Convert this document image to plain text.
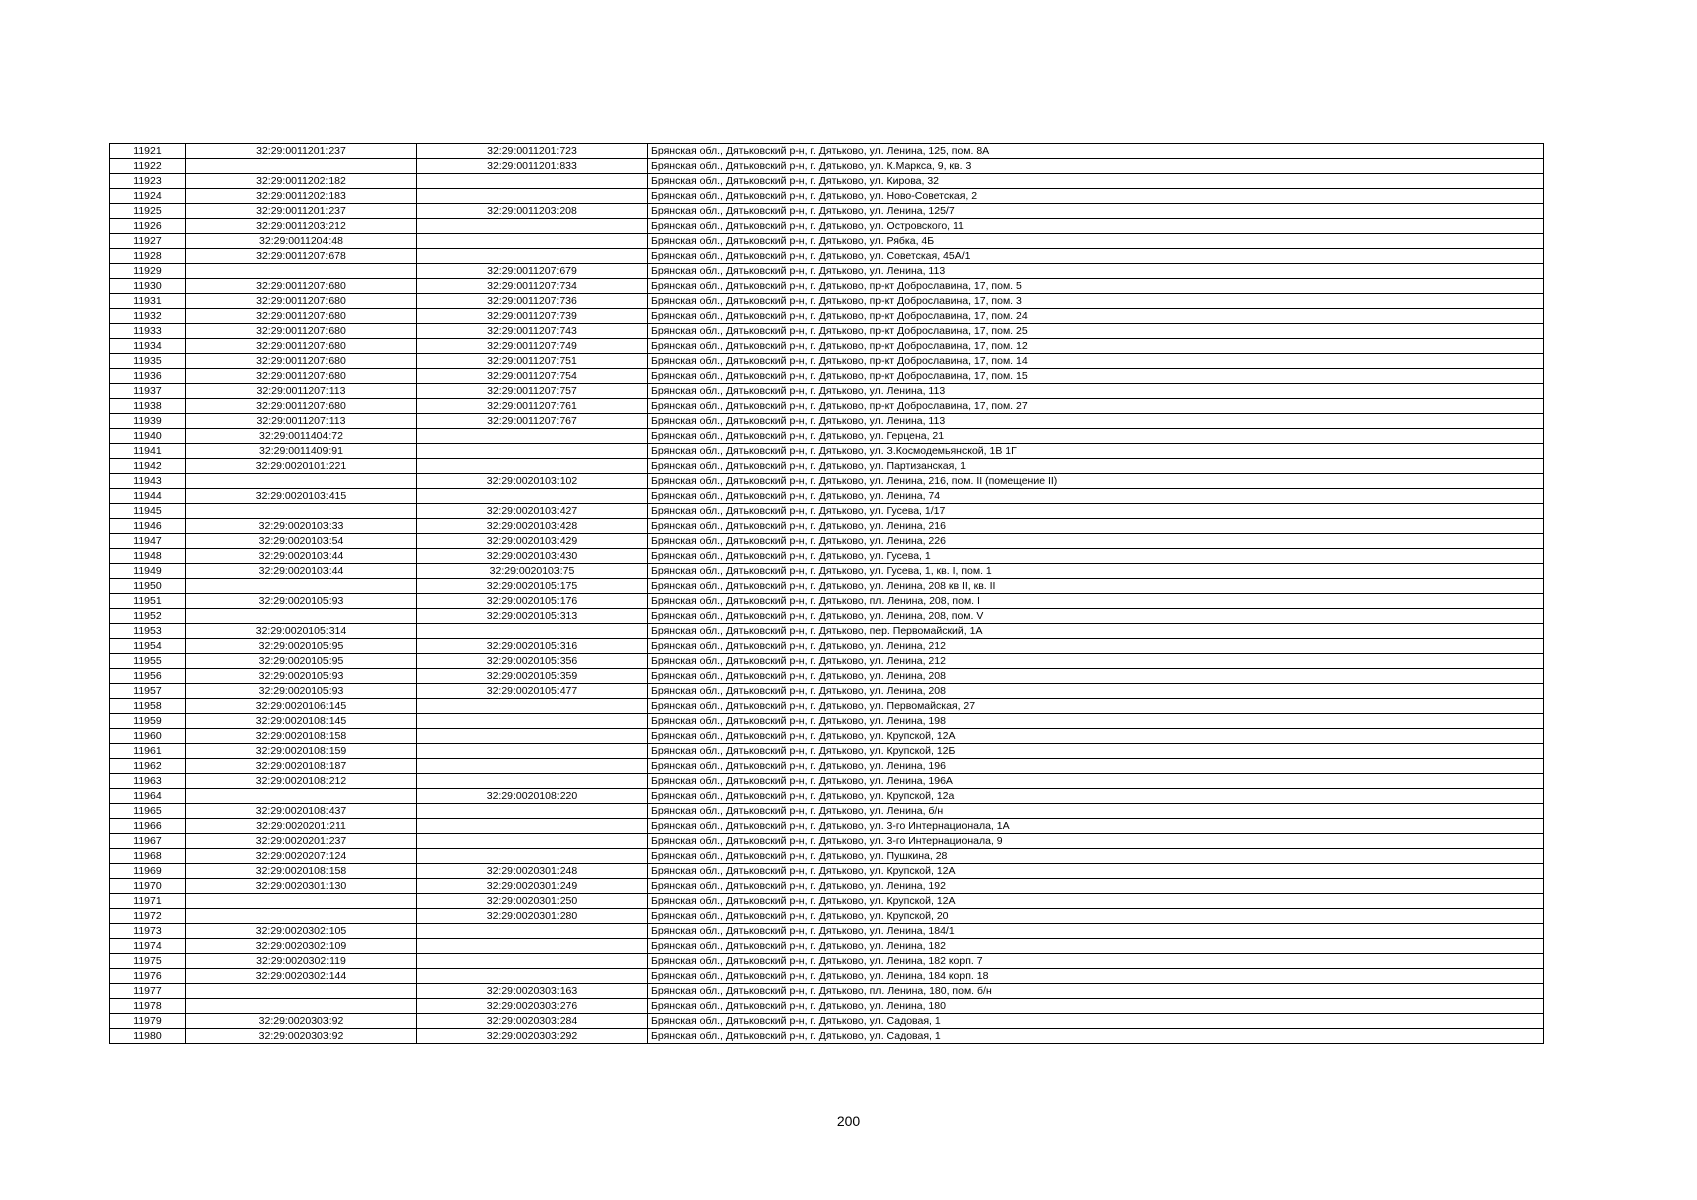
11921	32:29:0011201:237	32:29:0011201:723	Брянская обл., Дятьковский р-н, г. Дятьково, ул. Ленина, 125, пом. 8А
11922		32:29:0011201:833	Брянская обл., Дятьковский р-н, г. Дятьково, ул. К.Маркса, 9, кв. 3
11923	32:29:0011202:182		Брянская обл., Дятьковский р-н, г. Дятьково, ул. Кирова, 32
11924	32:29:0011202:183		Брянская обл., Дятьковский р-н, г. Дятьково, ул. Ново-Советская, 2
11925	32:29:0011201:237	32:29:0011203:208	Брянская обл., Дятьковский р-н, г. Дятьково, ул. Ленина, 125/7
11926	32:29:0011203:212		Брянская обл., Дятьковский р-н, г. Дятьково, ул. Островского, 11
11927	32:29:0011204:48		Брянская обл., Дятьковский р-н, г. Дятьково, ул. Рябка, 4Б
11928	32:29:0011207:678		Брянская обл., Дятьковский р-н, г. Дятьково, ул. Советская, 45А/1
11929		32:29:0011207:679	Брянская обл., Дятьковский р-н, г. Дятьково, ул. Ленина, 113
11930	32:29:0011207:680	32:29:0011207:734	Брянская обл., Дятьковский р-н, г. Дятьково, пр-кт Доброславина, 17, пом. 5
11931	32:29:0011207:680	32:29:0011207:736	Брянская обл., Дятьковский р-н, г. Дятьково, пр-кт Доброславина, 17, пом. 3
11932	32:29:0011207:680	32:29:0011207:739	Брянская обл., Дятьковский р-н, г. Дятьково, пр-кт Доброславина, 17, пом. 24
11933	32:29:0011207:680	32:29:0011207:743	Брянская обл., Дятьковский р-н, г. Дятьково, пр-кт Доброславина, 17, пом. 25
11934	32:29:0011207:680	32:29:0011207:749	Брянская обл., Дятьковский р-н, г. Дятьково, пр-кт Доброславина, 17, пом. 12
11935	32:29:0011207:680	32:29:0011207:751	Брянская обл., Дятьковский р-н, г. Дятьково, пр-кт Доброславина, 17, пом. 14
11936	32:29:0011207:680	32:29:0011207:754	Брянская обл., Дятьковский р-н, г. Дятьково, пр-кт Доброславина, 17, пом. 15
11937	32:29:0011207:113	32:29:0011207:757	Брянская обл., Дятьковский р-н, г. Дятьково, ул. Ленина, 113
11938	32:29:0011207:680	32:29:0011207:761	Брянская обл., Дятьковский р-н, г. Дятьково, пр-кт Доброславина, 17, пом. 27
11939	32:29:0011207:113	32:29:0011207:767	Брянская обл., Дятьковский р-н, г. Дятьково, ул. Ленина, 113
11940	32:29:0011404:72		Брянская обл., Дятьковский р-н, г. Дятьково, ул. Герцена, 21
11941	32:29:0011409:91		Брянская обл., Дятьковский р-н, г. Дятьково, ул. З.Космодемьянской, 1В 1Г
11942	32:29:0020101:221		Брянская обл., Дятьковский р-н, г. Дятьково, ул. Партизанская, 1
11943		32:29:0020103:102	Брянская обл., Дятьковский р-н, г. Дятьково, ул. Ленина, 216, пом. II (помещение II)
11944	32:29:0020103:415		Брянская обл., Дятьковский р-н, г. Дятьково, ул. Ленина, 74
11945		32:29:0020103:427	Брянская обл., Дятьковский р-н, г. Дятьково, ул. Гусева, 1/17
11946	32:29:0020103:33	32:29:0020103:428	Брянская обл., Дятьковский р-н, г. Дятьково, ул. Ленина, 216
11947	32:29:0020103:54	32:29:0020103:429	Брянская обл., Дятьковский р-н, г. Дятьково, ул. Ленина, 226
11948	32:29:0020103:44	32:29:0020103:430	Брянская обл., Дятьковский р-н, г. Дятьково, ул. Гусева, 1
11949	32:29:0020103:44	32:29:0020103:75	Брянская обл., Дятьковский р-н, г. Дятьково, ул. Гусева, 1, кв. I, пом. 1
11950		32:29:0020105:175	Брянская обл., Дятьковский р-н, г. Дятьково, ул. Ленина, 208 кв II, кв. II
11951	32:29:0020105:93	32:29:0020105:176	Брянская обл., Дятьковский р-н, г. Дятьково, пл. Ленина, 208, пом. I
11952		32:29:0020105:313	Брянская обл., Дятьковский р-н, г. Дятьково, ул. Ленина, 208, пом. V
11953	32:29:0020105:314		Брянская обл., Дятьковский р-н, г. Дятьково, пер. Первомайский, 1А
11954	32:29:0020105:95	32:29:0020105:316	Брянская обл., Дятьковский р-н, г. Дятьково, ул. Ленина, 212
11955	32:29:0020105:95	32:29:0020105:356	Брянская обл., Дятьковский р-н, г. Дятьково, ул. Ленина, 212
11956	32:29:0020105:93	32:29:0020105:359	Брянская обл., Дятьковский р-н, г. Дятьково, ул. Ленина, 208
11957	32:29:0020105:93	32:29:0020105:477	Брянская обл., Дятьковский р-н, г. Дятьково, ул. Ленина, 208
11958	32:29:0020106:145		Брянская обл., Дятьковский р-н, г. Дятьково, ул. Первомайская, 27
11959	32:29:0020108:145		Брянская обл., Дятьковский р-н, г. Дятьково, ул. Ленина, 198
11960	32:29:0020108:158		Брянская обл., Дятьковский р-н, г. Дятьково, ул. Крупской, 12А
11961	32:29:0020108:159		Брянская обл., Дятьковский р-н, г. Дятьково, ул. Крупской, 12Б
11962	32:29:0020108:187		Брянская обл., Дятьковский р-н, г. Дятьково, ул. Ленина, 196
11963	32:29:0020108:212		Брянская обл., Дятьковский р-н, г. Дятьково, ул. Ленина, 196А
11964		32:29:0020108:220	Брянская обл., Дятьковский р-н, г. Дятьково, ул. Крупской, 12а
11965	32:29:0020108:437		Брянская обл., Дятьковский р-н, г. Дятьково, ул. Ленина, б/н
11966	32:29:0020201:211		Брянская обл., Дятьковский р-н, г. Дятьково, ул. 3-го Интернационала, 1А
11967	32:29:0020201:237		Брянская обл., Дятьковский р-н, г. Дятьково, ул. 3-го Интернационала, 9
11968	32:29:0020207:124		Брянская обл., Дятьковский р-н, г. Дятьково, ул. Пушкина, 28
11969	32:29:0020108:158	32:29:0020301:248	Брянская обл., Дятьковский р-н, г. Дятьково, ул. Крупской, 12А
11970	32:29:0020301:130	32:29:0020301:249	Брянская обл., Дятьковский р-н, г. Дятьково, ул. Ленина, 192
11971		32:29:0020301:250	Брянская обл., Дятьковский р-н, г. Дятьково, ул. Крупской, 12А
11972		32:29:0020301:280	Брянская обл., Дятьковский р-н, г. Дятьково, ул. Крупской, 20
11973	32:29:0020302:105		Брянская обл., Дятьковский р-н, г. Дятьково, ул. Ленина, 184/1
11974	32:29:0020302:109		Брянская обл., Дятьковский р-н, г. Дятьково, ул. Ленина, 182
11975	32:29:0020302:119		Брянская обл., Дятьковский р-н, г. Дятьково, ул. Ленина, 182 корп. 7
11976	32:29:0020302:144		Брянская обл., Дятьковский р-н, г. Дятьково, ул. Ленина, 184 корп. 18
11977		32:29:0020303:163	Брянская обл., Дятьковский р-н, г. Дятьково, пл. Ленина, 180, пом. б/н
11978		32:29:0020303:276	Брянская обл., Дятьковский р-н, г. Дятьково, ул. Ленина, 180
11979	32:29:0020303:92	32:29:0020303:284	Брянская обл., Дятьковский р-н, г. Дятьково, ул. Садовая, 1
11980	32:29:0020303:92	32:29:0020303:292	Брянская обл., Дятьковский р-н, г. Дятьково, ул. Садовая, 1
200
